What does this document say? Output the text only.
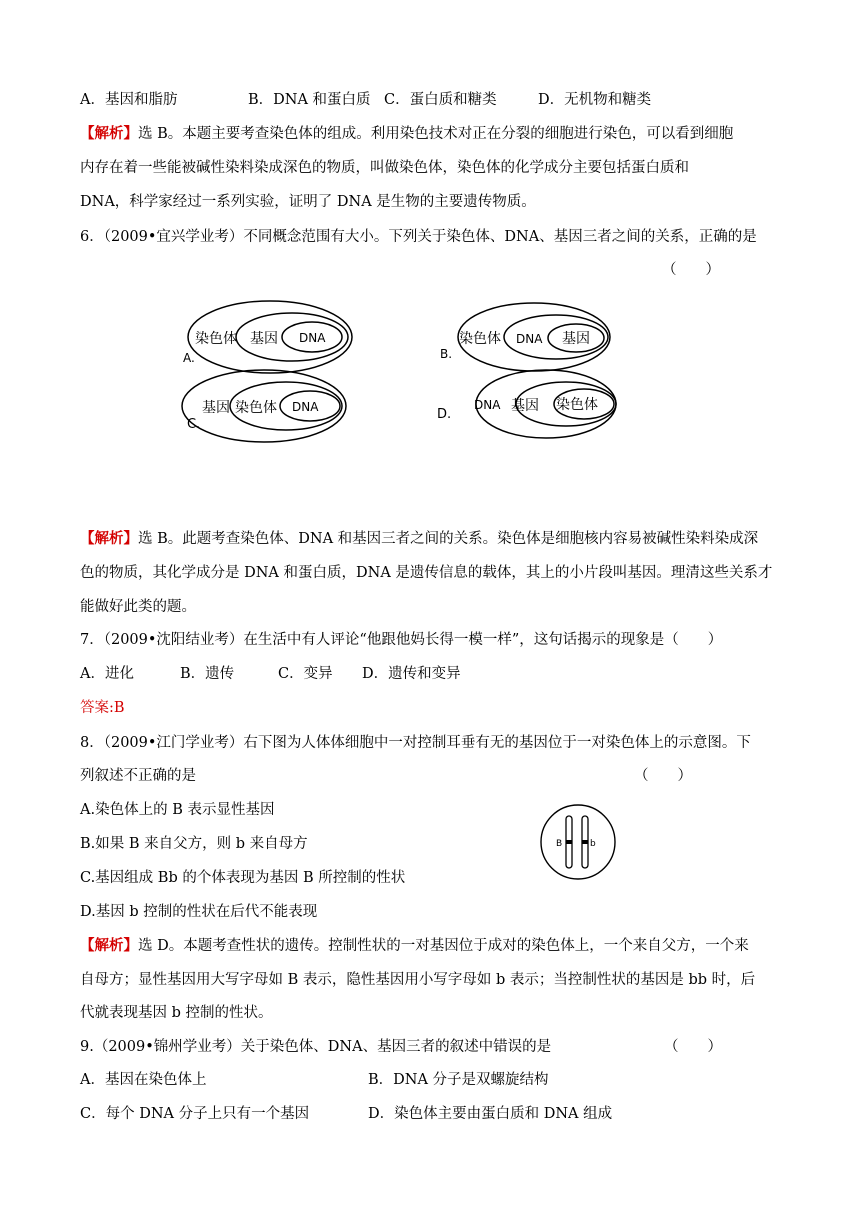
A．基因和脂肪	B．DNA 和蛋白质 C．蛋白质和糖类	D．无机物和糖类
【解析】选 B。本题主要考查染色体的组成。利用染色技术对正在分裂的细胞进行染色，可以看到细胞
内存在着一些能被碱性染料染成深色的物质，叫做染色体，染色体的化学成分主要包括蛋白质和
DNA，科学家经过一系列实验，证明了 DNA 是生物的主要遗传物质。
6．（2009•宜兴学业考）不同概念范围有大小。下列关于染色体、DNA、基因三者之间的关系，正确的是
（　　）
染色体 基因 DNA
A.
染色体 DNA 基因
B.
基因 染色体 DNA
C.
DNA 基因 染色体
D.
【解析】选 B。此题考查染色体、DNA 和基因三者之间的关系。染色体是细胞核内容易被碱性染料染成深
色的物质，其化学成分是 DNA 和蛋白质，DNA 是遗传信息的载体，其上的小片段叫基因。理清这些关系才
能做好此类的题。
7．（2009•沈阳结业考）在生活中有人评论“他跟他妈长得一模一样”，这句话揭示的现象是（　　）
A．进化	B．遗传	C．变异 D．遗传和变异
答案:B
8．（2009•江门学业考）右下图为人体体细胞中一对控制耳垂有无的基因位于一对染色体上的示意图。下
列叙述不正确的是	（　　）
A.染色体上的 B 表示显性基因
B.如果 B 来自父方，则 b 来自母方
C.基因组成 Bb 的个体表现为基因 B 所控制的性状
D.基因 b 控制的性状在后代不能表现
B	b
【解析】选 D。本题考查性状的遗传。控制性状的一对基因位于成对的染色体上，一个来自父方，一个来
自母方；显性基因用大写字母如 B 表示，隐性基因用小写字母如 b 表示；当控制性状的基因是 bb 时，后
代就表现基因 b 控制的性状。
9.（2009•锦州学业考）关于染色体、DNA、基因三者的叙述中错误的是	（　　）
A．基因在染色体上	B．DNA 分子是双螺旋结构
C．每个 DNA 分子上只有一个基因	D．染色体主要由蛋白质和 DNA 组成
